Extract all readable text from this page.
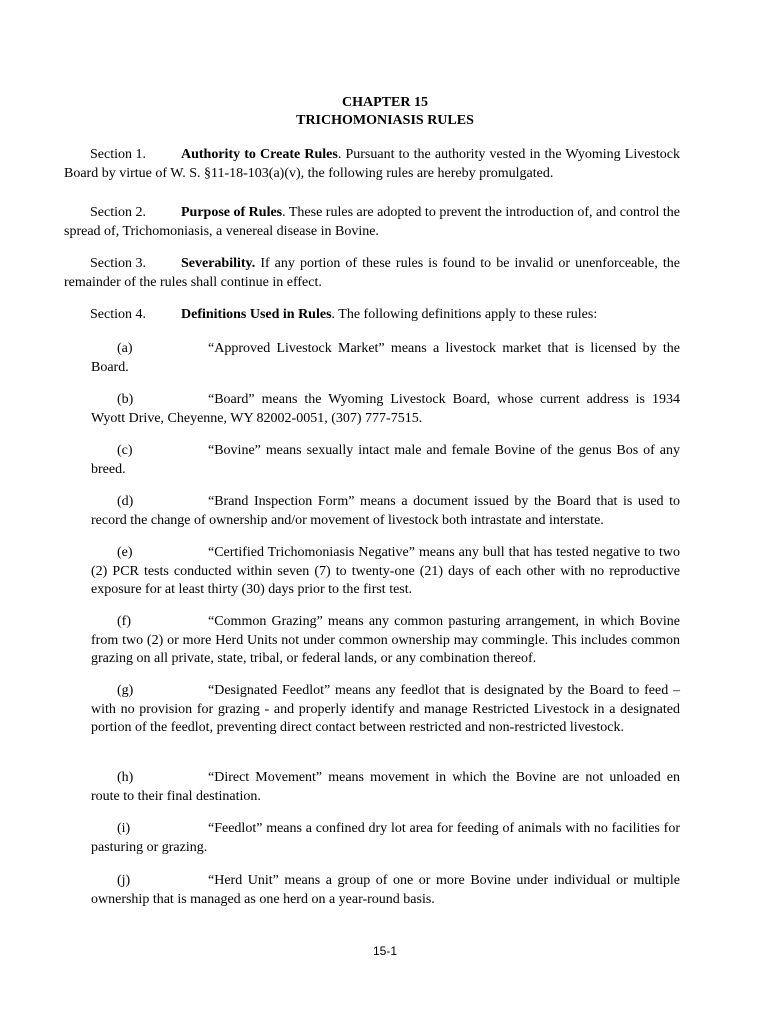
CHAPTER 15
TRICHOMONIASIS RULES
Section 1.	Authority to Create Rules. Pursuant to the authority vested in the Wyoming Livestock Board by virtue of W. S. §11-18-103(a)(v), the following rules are hereby promulgated.
Section 2.	Purpose of Rules. These rules are adopted to prevent the introduction of, and control the spread of, Trichomoniasis, a venereal disease in Bovine.
Section 3.	Severability. If any portion of these rules is found to be invalid or unenforceable, the remainder of the rules shall continue in effect.
Section 4.	Definitions Used in Rules. The following definitions apply to these rules:
(a)	“Approved Livestock Market” means a livestock market that is licensed by the Board.
(b)	“Board” means the Wyoming Livestock Board, whose current address is 1934 Wyott Drive, Cheyenne, WY 82002-0051, (307) 777-7515.
(c)	“Bovine” means sexually intact male and female Bovine of the genus Bos of any breed.
(d)	“Brand Inspection Form” means a document issued by the Board that is used to record the change of ownership and/or movement of livestock both intrastate and interstate.
(e)	“Certified Trichomoniasis Negative” means any bull that has tested negative to two (2) PCR tests conducted within seven (7) to twenty-one (21) days of each other with no reproductive exposure for at least thirty (30) days prior to the first test.
(f)	“Common Grazing” means any common pasturing arrangement, in which Bovine from two (2) or more Herd Units not under common ownership may commingle. This includes common grazing on all private, state, tribal, or federal lands, or any combination thereof.
(g)	“Designated Feedlot” means any feedlot that is designated by the Board to feed – with no provision for grazing - and properly identify and manage Restricted Livestock in a designated portion of the feedlot, preventing direct contact between restricted and non-restricted livestock.
(h)	“Direct Movement” means movement in which the Bovine are not unloaded en route to their final destination.
(i)	“Feedlot” means a confined dry lot area for feeding of animals with no facilities for pasturing or grazing.
(j)	“Herd Unit” means a group of one or more Bovine under individual or multiple ownership that is managed as one herd on a year-round basis.
15-1
